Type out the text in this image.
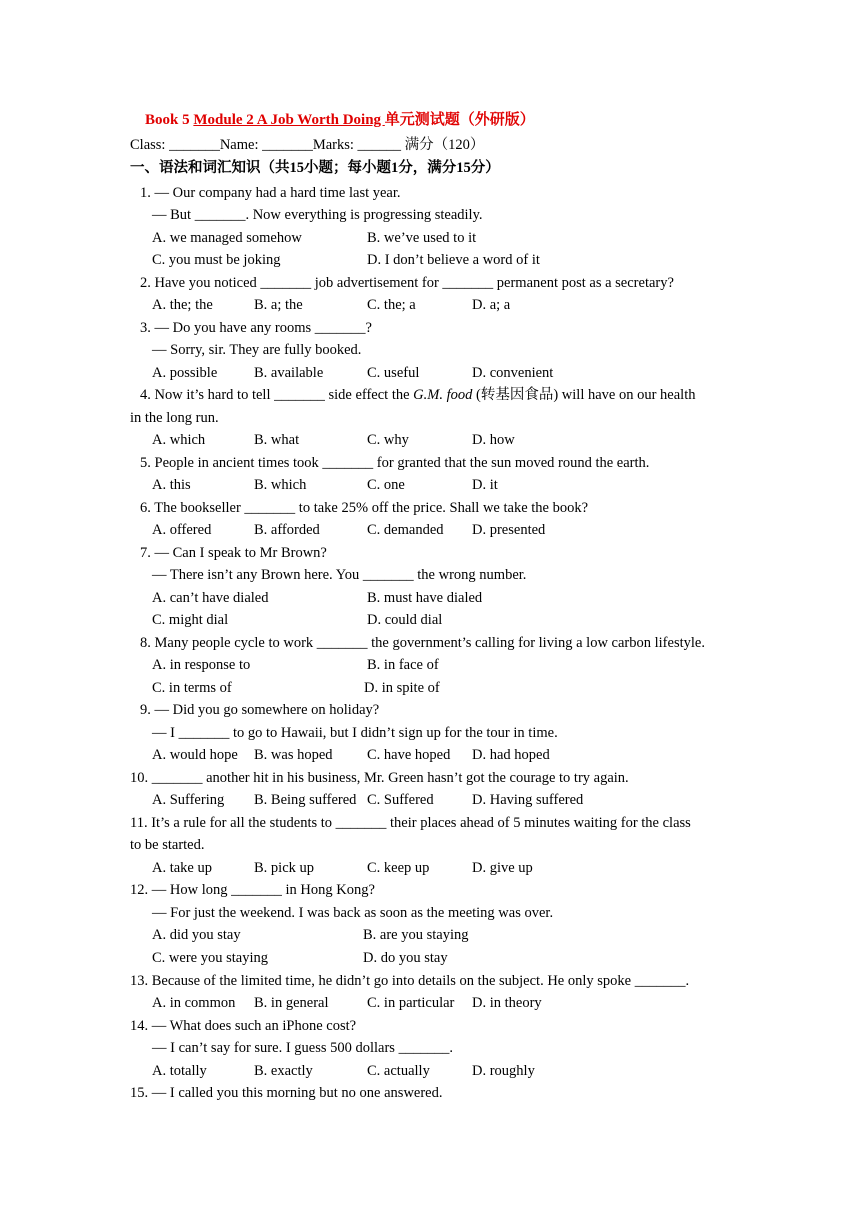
Book 5 Module 2 A Job Worth Doing 单元测试题（外研版）
Class: _______Name: _______Marks: ______ 满分（120）
一、语法和词汇知识（共15小题；每小题1分，满分15分）
1. — Our company had a hard time last year.
— But _______. Now everything is progressing steadily.
A. we managed somehow	B. we’ve used to it
C. you must be joking	D. I don’t believe a word of it
2. Have you noticed _______ job advertisement for _______ permanent post as a secretary?
A. the; the	B. a; the	C. the; a	D. a; a
3. — Do you have any rooms _______?
— Sorry, sir. They are fully booked.
A. possible	B. available	C. useful	D. convenient
4. Now it’s hard to tell _______ side effect the G.M. food (转基因食品) will have on our health
in the long run.
A. which	B. what	C. why	D. how
5. People in ancient times took _______ for granted that the sun moved round the earth.
A. this	B. which	C. one	D. it
6. The bookseller _______ to take 25% off the price. Shall we take the book?
A. offered	B. afforded	C. demanded D. presented
7. — Can I speak to Mr Brown?
— There isn’t any Brown here. You _______ the wrong number.
A. can’t have dialed	B. must have dialed
C. might dial	D. could dial
8. Many people cycle to work _______ the government’s calling for living a low carbon lifestyle.
A. in response to	B. in face of
C. in terms of	D. in spite of
9. — Did you go somewhere on holiday?
— I _______ to go to Hawaii, but I didn’t sign up for the tour in time.
A. would hope B. was hoped C. have hoped D. had hoped
10. _______ another hit in his business, Mr. Green hasn’t got the courage to try again.
A. Suffering B. Being suffered C. Suffered	D. Having suffered
11. It’s a rule for all the students to _______ their places ahead of 5 minutes waiting for the class
to be started.
A. take up	B. pick up	C. keep up	D. give up
12. — How long _______ in Hong Kong?
— For just the weekend. I was back as soon as the meeting was over.
A. did you stay	B. are you staying
C. were you staying	D. do you stay
13. Because of the limited time, he didn’t go into details on the subject. He only spoke _______.
A. in common B. in general	C. in particular D. in theory
14. — What does such an iPhone cost?
— I can’t say for sure. I guess 500 dollars _______.
A. totally	B. exactly	C. actually	D. roughly
15. — I called you this morning but no one answered.
